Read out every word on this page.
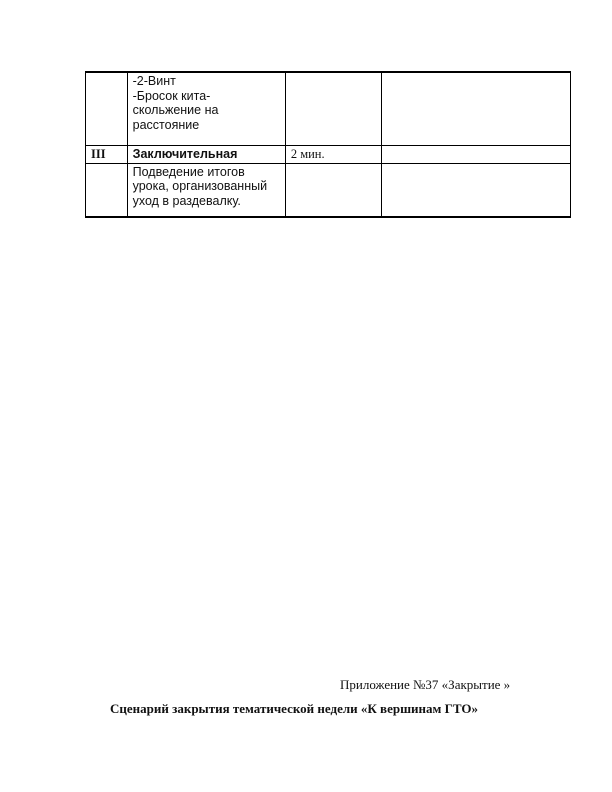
	-2-Винт
-Бросок кита-
скольжение на
расстояние		

III	Заключительная	2 мин.	

	Подведение итогов
урока, организованный
уход в раздевалку.		

Приложение №37 «Закрытие »
Сценарий закрытия тематической недели «К вершинам ГТО»
